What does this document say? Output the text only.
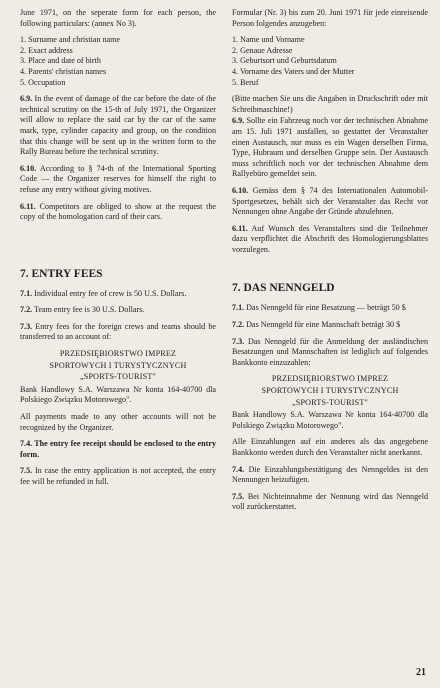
June 1971, on the seperate form for each person, the following particulars: (annex No 3).

1. Surname and christian name
2. Exact address
3. Place and date of birth
4. Parents' christian names
5. Occupation

6.9. In the event of damage of the car before the date of the technical scrutiny on the 15-th of July 1971, the Organizer will allow to replace the said car by the car of the same mark, type, cylinder capacity and group, on the condition that this change will be sent up in the written form to the Rally Bureau before the technical scrutiny.

6.10. According to § 74-th of the International Sporting Code — the Organizer reserves for himself the right to refuse any entry without giving motives.

6.11. Competitors are obliged to show at the request the copy of the homologation card of their cars.

7. ENTRY FEES

7.1. Individual entry fee of crew is 50 U.S. Dollars.

7.2. Team entry fee is 30 U.S. Dollars.

7.3. Entry fees for the foreign crews and teams should be transferred to an account of:

PRZEDSIĘBIORSTWO IMPREZ

SPORTOWYCH I TURYSTYCZNYCH

„SPORTS-TOURIST"

Bank Handlowy S.A. Warszawa Nr konta 164-40700 dla Polskiego Związku Motorowego".

All payments made to any other accounts will not be recognized by the Organizer.

7.4. The entry fee receipt should be enclosed to the entry form.

7.5. In case the entry application is not accepted, the entry fee will be refunded in full.

Formular (Nr. 3) bis zum 20. Juni 1971 für jede einreisende Person folgendes anzugeben:

1. Name und Vorname
2. Genaue Adresse
3. Geburtsort und Geburtsdatum
4. Vorname des Vaters und der Mutter
5. Beruf

(Bitte machen Sie uns die Angaben in Druckschrift oder mit Schreibmaschine!)

6.9. Sollte ein Fahrzeug noch vor der technischen Abnahme am 15. Juli 1971 ausfallen, so gestattet der Veranstalter einen Austausch, nur muss es ein Wagen derselben Firma, Type, Hubraum und derselben Gruppe sein. Der Austausch muss schriftlich noch vor der technischen Abnahme dem Rallyebüro gemeldet sein.

6.10. Gemäss dem § 74 des Internationalen Automobil-Sportgesetzes, behält sich der Veranstalter das Recht vor Nennungen ohne Angabe der Gründe abzulehnen.

6.11. Auf Wunsch des Veranstalters sind die Teilnehmer dazu verpflichtet die Abschrift des Homologierungsblattes vorzulegen.

7. DAS NENNGELD

7.1. Das Nenngeld für eine Besatzung — beträgt 50 $

7.2. Das Nenngeld für eine Mannschaft beträgt 30 $

7.3. Das Nenngeld für die Anmeldung der ausländischen Besatzungen und Mannschaften ist lediglich auf folgendes Bankkonto einzuzahlen:

PRZEDSIĘBIORSTWO IMPREZ

SPORTOWYCH I TURYSTYCZNYCH

„SPORTS-TOURIST"

Bank Handlowy S.A. Warszawa Nr konta 164-40700 dla Polskiego Związku Motorowego".

Alle Einzahlungen auf ein anderes als das angegebene Bankkonto werden durch den Veranstalter nicht anerkannt.

7.4. Die Einzahlungsbestätigung des Nenngeldes ist den Nennungen beizufügen.

7.5. Bei Nichteinnahme der Nennung wird das Nenngeld voll zurückerstattet.

21
